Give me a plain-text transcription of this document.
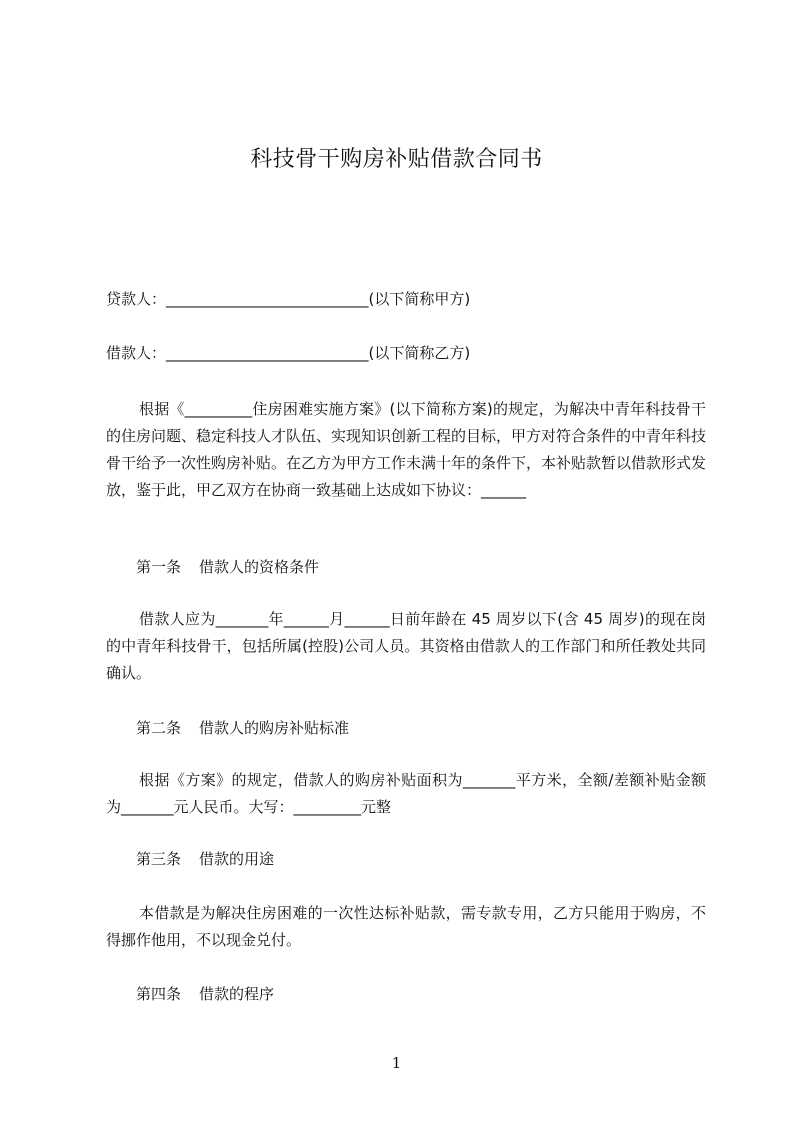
科技骨干购房补贴借款合同书
贷款人：___________________________(以下简称甲方)
借款人：___________________________(以下简称乙方)

根据《_________住房困难实施方案》(以下简称方案)的规定，为解决中青年科技骨干的住房问题、稳定科技人才队伍、实现知识创新工程的目标，甲方对符合条件的中青年科技骨干给予一次性购房补贴。在乙方为甲方工作未满十年的条件下，本补贴款暂以借款形式发放，鉴于此，甲乙双方在协商一致基础上达成如下协议：______

第一条 借款人的资格条件

借款人应为_______年______月______日前年龄在 45 周岁以下(含 45 周岁)的现在岗的中青年科技骨干，包括所属(控股)公司人员。其资格由借款人的工作部门和所任教处共同确认。

第二条 借款人的购房补贴标准

根据《方案》的规定，借款人的购房补贴面积为_______平方米，全额/差额补贴金额为_______元人民币。大写：_________元整

第三条 借款的用途

本借款是为解决住房困难的一次性达标补贴款，需专款专用，乙方只能用于购房，不得挪作他用，不以现金兑付。

第四条 借款的程序
1
